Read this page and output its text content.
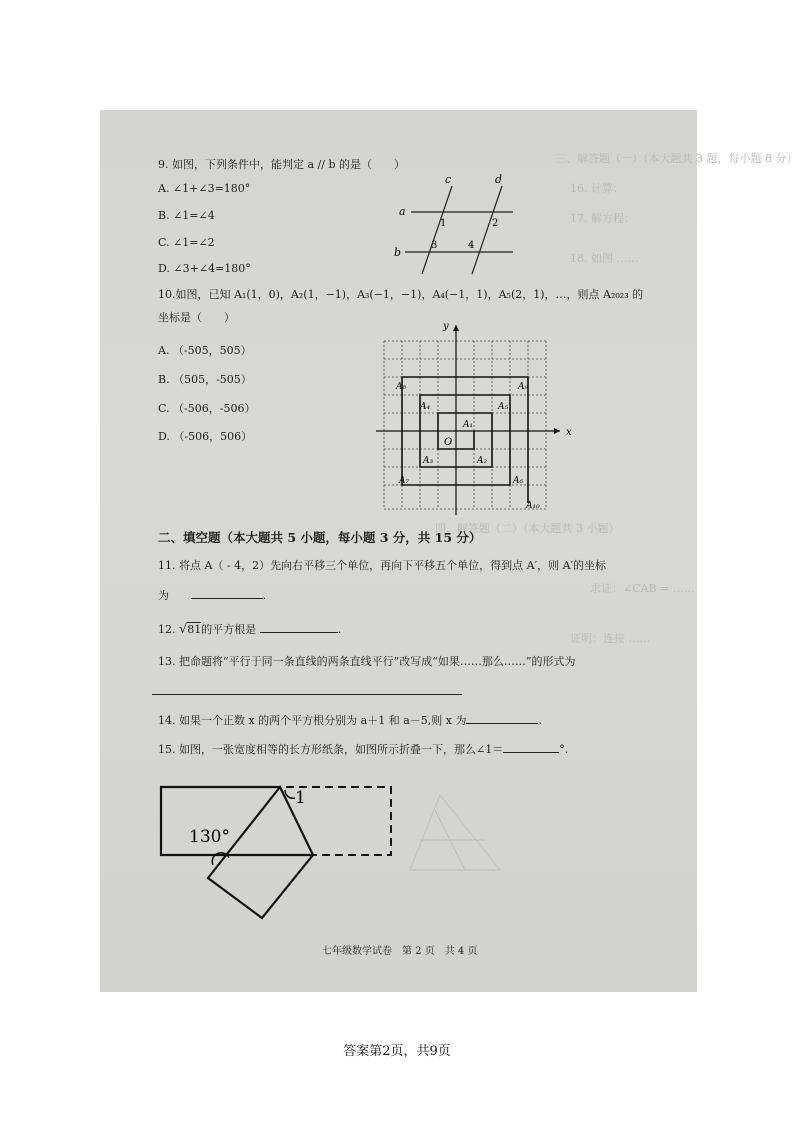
三、解答题（一）（本大题共 3 题，每小题 8 分）
16. 计算：
17. 解方程：
18. 如图 ……
四、解答题（二）（本大题共 3 小题）
求证：∠CAB = ……
证明：连接 ……
9. 如图，下列条件中，能判定 a // b 的是（　　）
A. ∠1+∠3=180°
B. ∠1=∠4
C. ∠1=∠2
D. ∠3+∠4=180°
c	d
a
b
1	2
3	4
10.如图，已知 A₁(1，0)，A₂(1，−1)，A₃(−1，−1)，A₄(−1，1)，A₅(2，1)，…，则点 A₂₀₂₃ 的
坐标是（　　）
A. （-505，505）
B. （505，-505）
C. （-506，-506）
D. （-506，506）	x
y
O
A₁
A₂
A₃
A₄	A₅
A₆
A₇
A₈	A₉
A₁₀
二、填空题（本大题共 5 小题，每小题 3 分，共 15 分）
11. 将点 A（ - 4，2）先向右平移三个单位，再向下平移五个单位，得到点 A′，则 A′的坐标
为	.
12. √81的平方根是	.
13. 把命题将“平行于同一条直线的两条直线平行”改写成“如果……那么……”的形式为
14. 如果一个正数 x 的两个平方根分别为 a＋1 和 a－5,则 x 为	.
15. 如图，一张宽度相等的长方形纸条，如图所示折叠一下，那么∠1＝	°.
130°
1
七年级数学试卷　第 2 页　共 4 页
答案第2页，共9页
